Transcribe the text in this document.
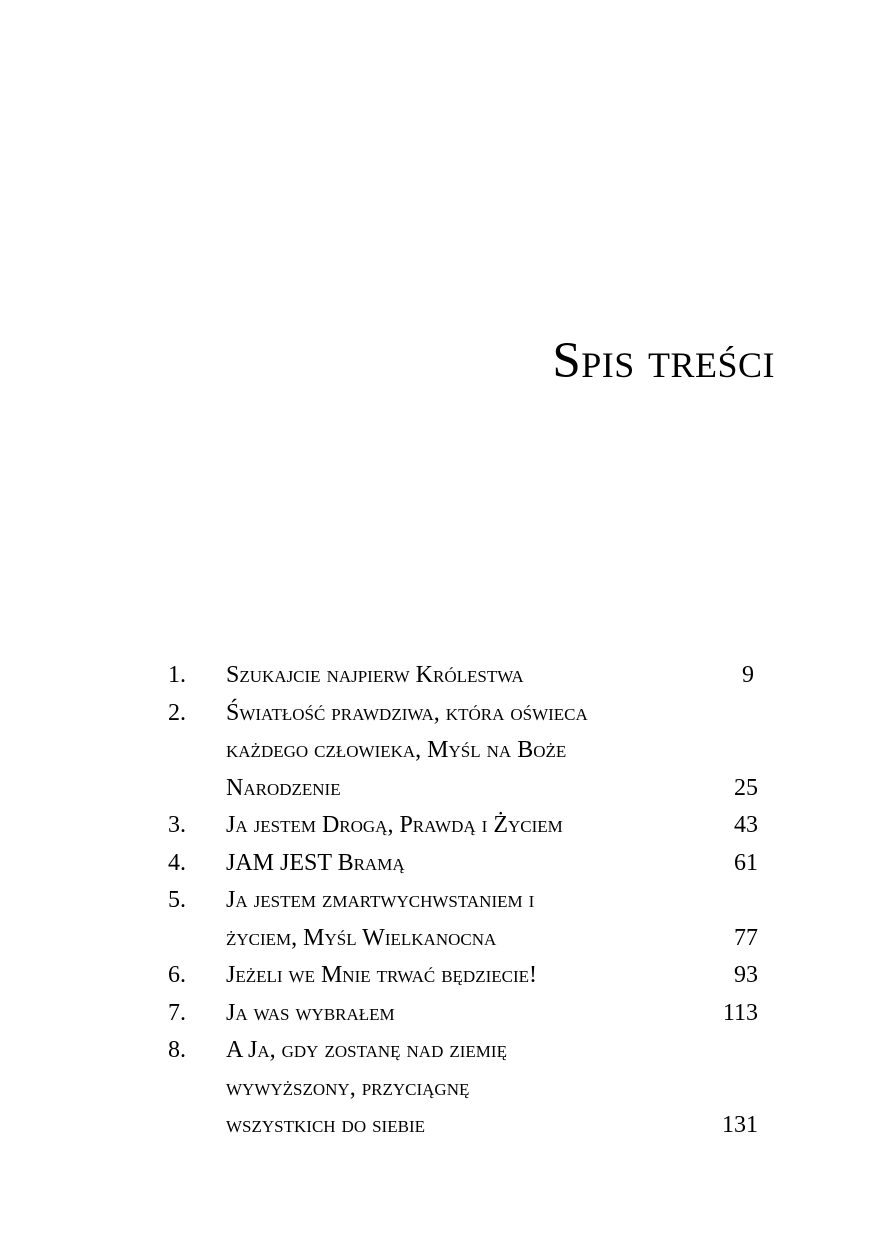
Spis treści
1. Szukajcie najpierw Królestwa	9
2. Światłość prawdziwa, która oświeca
każdego człowieka, Myśl na Boże
Narodzenie	25
3. Ja jestem Drogą, Prawdą i Życiem	43
4. JAM JEST Bramą	61
5. Ja jestem zmartwychwstaniem i
życiem, Myśl Wielkanocna	77
6. Jeżeli we Mnie trwać będziecie!	93
7. Ja was wybrałem	113
8. A Ja, gdy zostanę nad ziemię
wywyższony, przyciągnę
wszystkich do siebie	131
